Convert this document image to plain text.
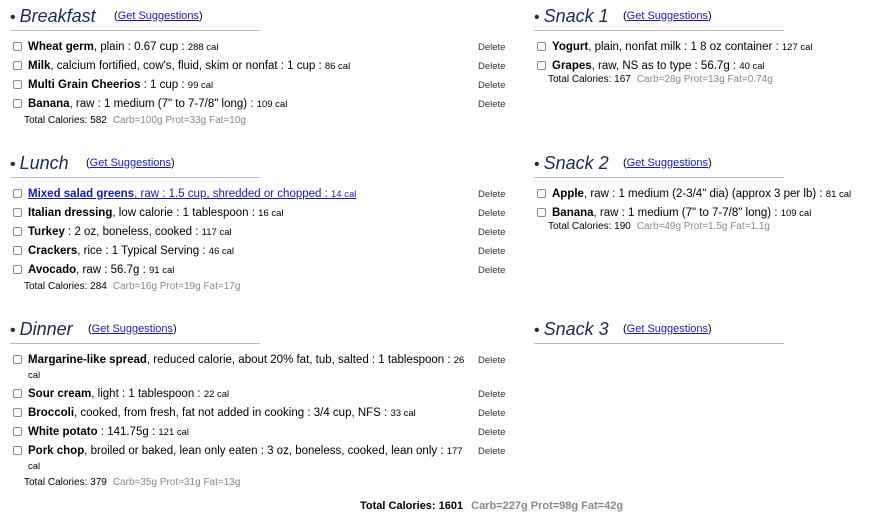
• Breakfast (Get Suggestions)
Wheat germ, plain : 0.67 cup : 288 cal	Delete
Milk, calcium fortified, cow's, fluid, skim or nonfat : 1 cup : 86 cal	Delete
Multi Grain Cheerios : 1 cup : 99 cal	Delete
Banana, raw : 1 medium (7" to 7-7/8" long) : 109 cal	Delete
Total Calories: 582 Carb=100g Prot=33g Fat=10g
• Lunch (Get Suggestions)
Mixed salad greens, raw : 1.5 cup, shredded or chopped : 14 cal	Delete
Italian dressing, low calorie : 1 tablespoon : 16 cal	Delete
Turkey : 2 oz, boneless, cooked : 117 cal	Delete
Crackers, rice : 1 Typical Serving : 46 cal	Delete
Avocado, raw : 56.7g : 91 cal	Delete
Total Calories: 284 Carb=16g Prot=19g Fat=17g
• Dinner (Get Suggestions)
Margarine-like spread, reduced calorie, about 20% fat, tub, salted : 1 tablespoon : 26 cal
Delete
Sour cream, light : 1 tablespoon : 22 cal	Delete
Broccoli, cooked, from fresh, fat not added in cooking : 3/4 cup, NFS : 33 cal	Delete
White potato : 141.75g : 121 cal	Delete
Pork chop, broiled or baked, lean only eaten : 3 oz, boneless, cooked, lean only : 177 cal
Delete
Total Calories: 379 Carb=35g Prot=31g Fat=13g
• Snack 1 (Get Suggestions)
Yogurt, plain, nonfat milk : 1 8 oz container : 127 cal
Grapes, raw, NS as to type : 56.7g : 40 cal
Total Calories: 167 Carb=28g Prot=13g Fat=0.74g
• Snack 2 (Get Suggestions)
Apple, raw : 1 medium (2-3/4" dia) (approx 3 per lb) : 81 cal
Banana, raw : 1 medium (7" to 7-7/8" long) : 109 cal
Total Calories: 190 Carb=49g Prot=1.5g Fat=1.1g
• Snack 3 (Get Suggestions)
Total Calories: 1601 Carb=227g Prot=98g Fat=42g
